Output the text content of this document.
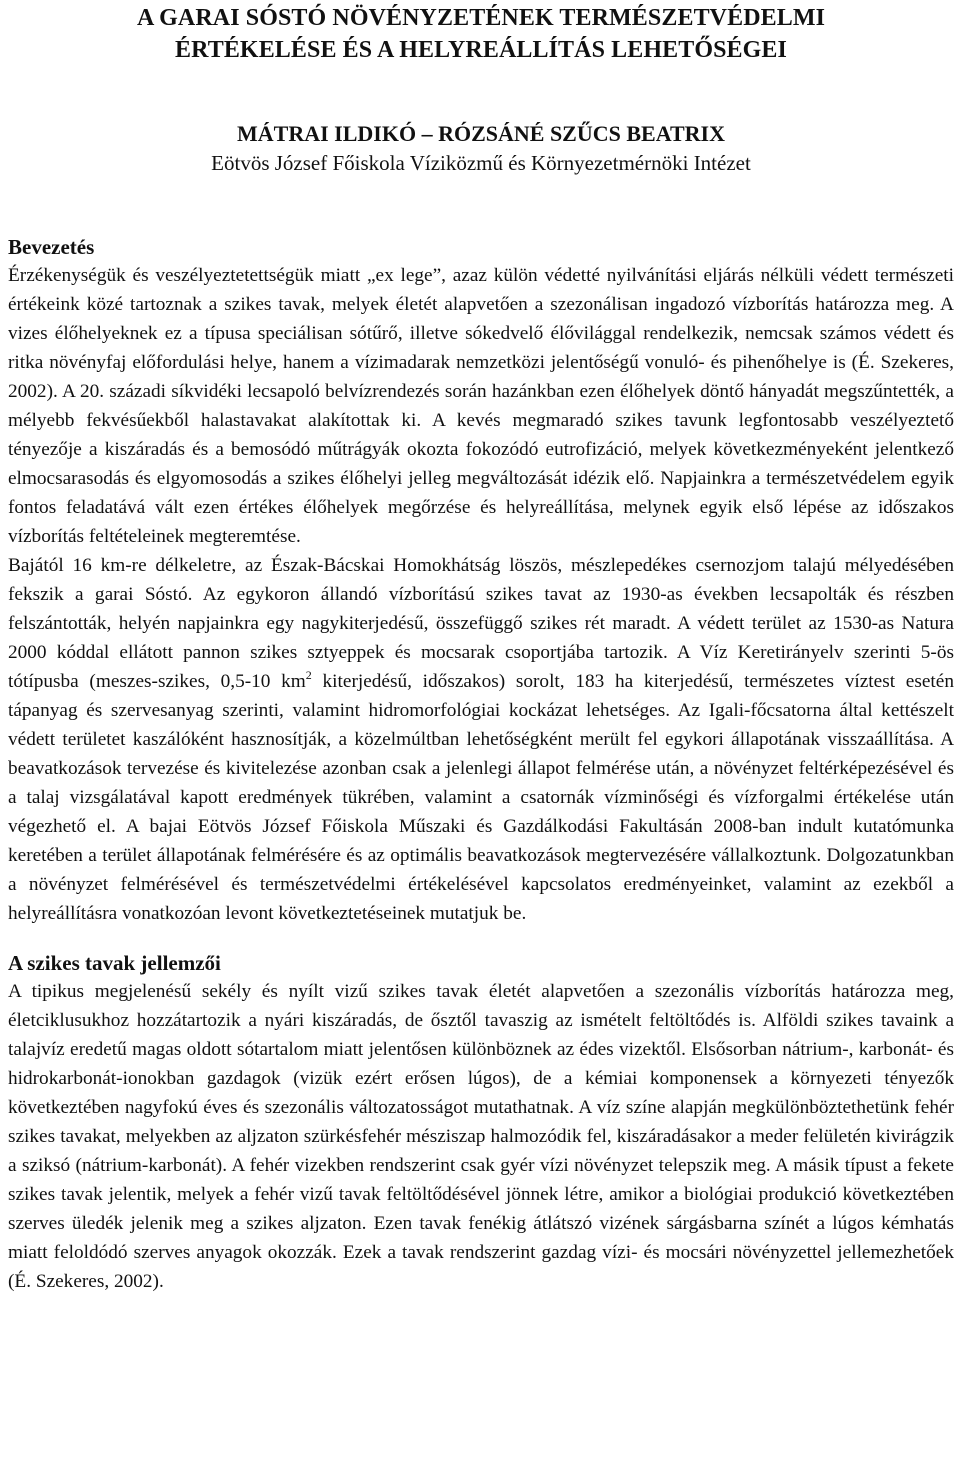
A GARAI SÓSTÓ NÖVÉNYZETÉNEK TERMÉSZETVÉDELMI
ÉRTÉKELÉSE ÉS A HELYREÁLLÍTÁS LEHETŐSÉGEI

MÁTRAI ILDIKÓ – RÓZSÁNÉ SZŰCS BEATRIX

Eötvös József Főiskola Víziközmű és Környezetmérnöki Intézet

Bevezetés

Érzékenységük és veszélyeztetettségük miatt „ex lege”, azaz külön védetté nyilvánítási eljárás nélküli védett természeti értékeink közé tartoznak a szikes tavak, melyek életét alapvetően a szezonálisan ingadozó vízborítás határozza meg. A vizes élőhelyeknek ez a típusa speciálisan sótűrő, illetve sókedvelő élővilággal rendelkezik, nemcsak számos védett és ritka növényfaj előfordulási helye, hanem a vízimadarak nemzetközi jelentőségű vonuló- és pihenőhelye is (É. Szekeres, 2002). A 20. századi síkvidéki lecsapoló belvízrendezés során hazánkban ezen élőhelyek döntő hányadát megszűntették, a mélyebb fekvésűekből halastavakat alakítottak ki. A kevés megmaradó szikes tavunk legfontosabb veszélyeztető tényezője a kiszáradás és a bemosódó műtrágyák okozta fokozódó eutrofizáció, melyek következményeként jelentkező elmocsarasodás és elgyomosodás a szikes élőhelyi jelleg megváltozását idézik elő. Napjainkra a természetvédelem egyik fontos feladatává vált ezen értékes élőhelyek megőrzése és helyreállítása, melynek egyik első lépése az időszakos vízborítás feltételeinek megteremtése.

Bajától 16 km-re délkeletre, az Észak-Bácskai Homokhátság löszös, mészlepedékes csernozjom talajú mélyedésében fekszik a garai Sóstó. Az egykoron állandó vízborítású szikes tavat az 1930-as években lecsapolták és részben felszántották, helyén napjainkra egy nagykiterjedésű, összefüggő szikes rét maradt. A védett terület az 1530-as Natura 2000 kóddal ellátott pannon szikes sztyeppek és mocsarak csoportjába tartozik. A Víz Keretirányelv szerinti 5-ös tótípusba (meszes-szikes, 0,5-10 $km^2$ kiterjedésű, időszakos) sorolt, 183 ha kiterjedésű, természetes víztest esetén tápanyag és szervesanyag szerinti, valamint hidromorfológiai kockázat lehetséges. Az Igali-főcsatorna által kettészelt védett területet kaszálóként hasznosítják, a közelmúltban lehetőségként merült fel egykori állapotának visszaállítása. A beavatkozások tervezése és kivitelezése azonban csak a jelenlegi állapot felmérése után, a növényzet feltérképezésével és a talaj vizsgálatával kapott eredmények tükrében, valamint a csatornák vízminőségi és vízforgalmi értékelése után végezhető el. A bajai Eötvös József Főiskola Műszaki és Gazdálkodási Fakultásán 2008-ban indult kutatómunka keretében a terület állapotának felmérésére és az optimális beavatkozások megtervezésére vállalkoztunk. Dolgozatunkban a növényzet felmérésével és természetvédelmi értékelésével kapcsolatos eredményeinket, valamint az ezekből a helyreállításra vonatkozóan levont következtetéseinek mutatjuk be.

A szikes tavak jellemzői

A tipikus megjelenésű sekély és nyílt vizű szikes tavak életét alapvetően a szezonális vízborítás határozza meg, életciklusukhoz hozzátartozik a nyári kiszáradás, de ősztől tavaszig az ismételt feltöltődés is. Alföldi szikes tavaink a talajvíz eredetű magas oldott sótartalom miatt jelentősen különböznek az édes vizektől. Elsősorban nátrium-, karbonát- és hidrokarbonát-ionokban gazdagok (vizük ezért erősen lúgos), de a kémiai komponensek a környezeti tényezők következtében nagyfokú éves és szezonális változatosságot mutathatnak. A víz színe alapján megkülönböztethetünk fehér szikes tavakat, melyekben az aljzaton szürkésfehér mésziszap halmozódik fel, kiszáradásakor a meder felületén kivirágzik a sziksó (nátrium-karbonát). A fehér vizekben rendszerint csak gyér vízi növényzet telepszik meg. A másik típust a fekete szikes tavak jelentik, melyek a fehér vizű tavak feltöltődésével jönnek létre, amikor a biológiai produkció következtében szerves üledék jelenik meg a szikes aljzaton. Ezen tavak fenékig átlátszó vizének sárgásbarna színét a lúgos kémhatás miatt feloldódó szerves anyagok okozzák. Ezek a tavak rendszerint gazdag vízi- és mocsári növényzettel jellemezhetőek (É. Szekeres, 2002).
